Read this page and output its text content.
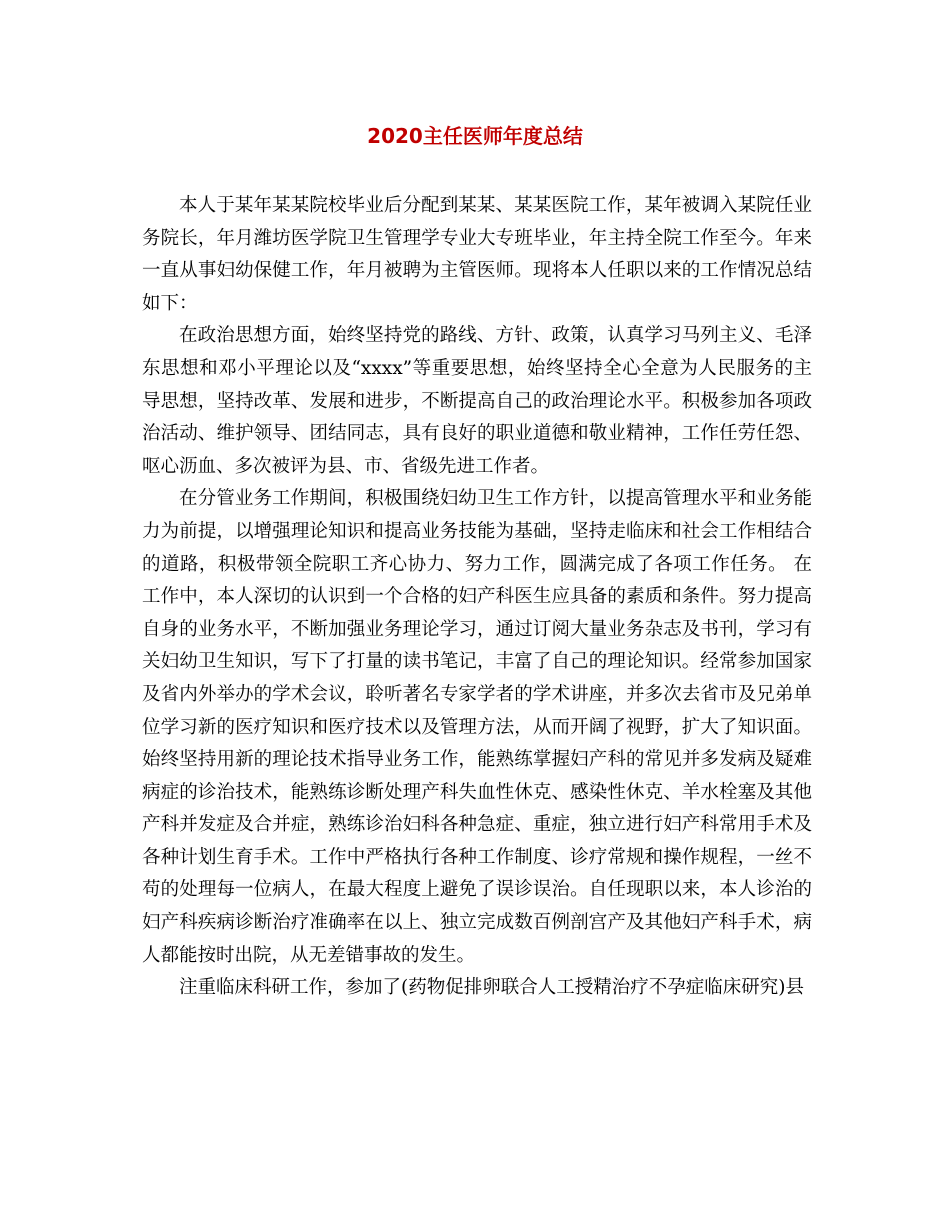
2020主任医师年度总结

本人于某年某某院校毕业后分配到某某、某某医院工作，某年被调入某院任业务院长，年月潍坊医学院卫生管理学专业大专班毕业，年主持全院工作至今。年来一直从事妇幼保健工作，年月被聘为主管医师。现将本人任职以来的工作情况总结如下：

在政治思想方面，始终坚持党的路线、方针、政策，认真学习马列主义、毛泽东思想和邓小平理论以及“xxxx”等重要思想，始终坚持全心全意为人民服务的主导思想，坚持改革、发展和进步，不断提高自己的政治理论水平。积极参加各项政治活动、维护领导、团结同志，具有良好的职业道德和敬业精神，工作任劳任怨、呕心沥血、多次被评为县、市、省级先进工作者。

在分管业务工作期间，积极围绕妇幼卫生工作方针，以提高管理水平和业务能力为前提，以增强理论知识和提高业务技能为基础，坚持走临床和社会工作相结合的道路，积极带领全院职工齐心协力、努力工作，圆满完成了各项工作任务。 在工作中，本人深切的认识到一个合格的妇产科医生应具备的素质和条件。努力提高自身的业务水平，不断加强业务理论学习，通过订阅大量业务杂志及书刊，学习有关妇幼卫生知识，写下了打量的读书笔记，丰富了自己的理论知识。经常参加国家及省内外举办的学术会议，聆听著名专家学者的学术讲座，并多次去省市及兄弟单位学习新的医疗知识和医疗技术以及管理方法，从而开阔了视野，扩大了知识面。始终坚持用新的理论技术指导业务工作，能熟练掌握妇产科的常见并多发病及疑难病症的诊治技术，能熟练诊断处理产科失血性休克、感染性休克、羊水栓塞及其他产科并发症及合并症，熟练诊治妇科各种急症、重症，独立进行妇产科常用手术及各种计划生育手术。工作中严格执行各种工作制度、诊疗常规和操作规程，一丝不苟的处理每一位病人，在最大程度上避免了误诊误治。自任现职以来，本人诊治的妇产科疾病诊断治疗准确率在以上、独立完成数百例剖宫产及其他妇产科手术，病人都能按时出院，从无差错事故的发生。

注重临床科研工作，参加了(药物促排卵联合人工授精治疗不孕症临床研究)县
